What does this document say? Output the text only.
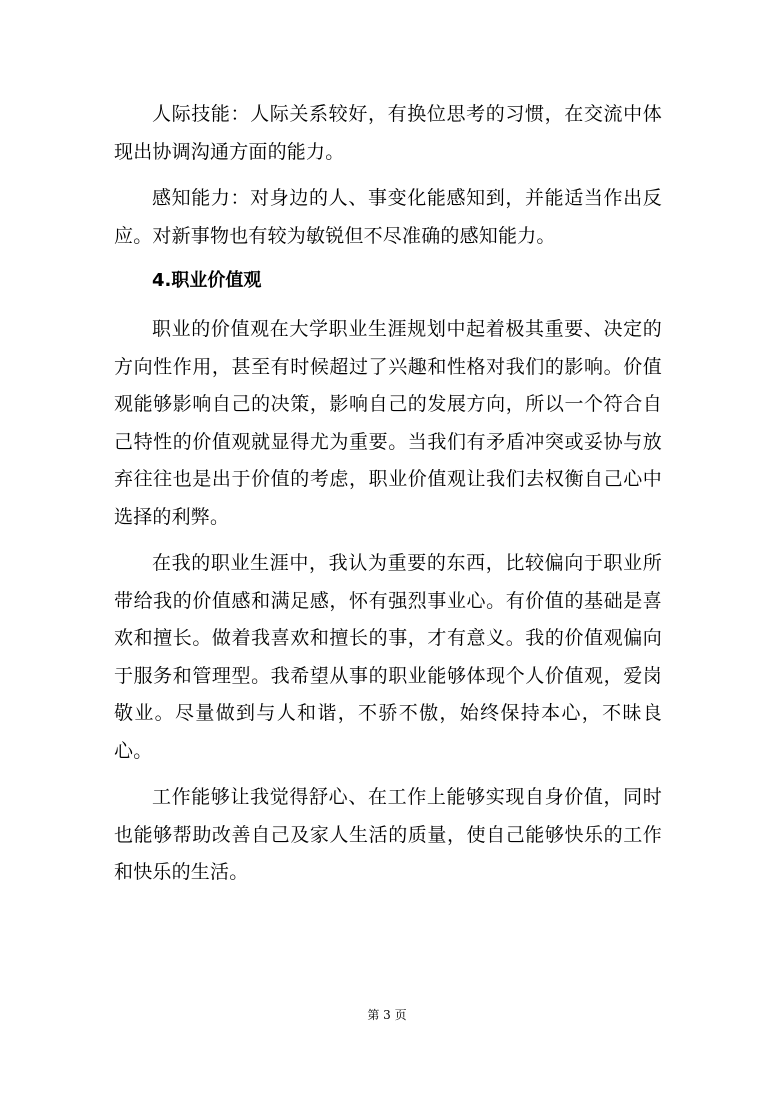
人际技能：人际关系较好，有换位思考的习惯，在交流中体现出协调沟通方面的能力。

感知能力：对身边的人、事变化能感知到，并能适当作出反应。对新事物也有较为敏锐但不尽准确的感知能力。

4.职业价值观

职业的价值观在大学职业生涯规划中起着极其重要、决定的方向性作用，甚至有时候超过了兴趣和性格对我们的影响。价值观能够影响自己的决策，影响自己的发展方向，所以一个符合自己特性的价值观就显得尤为重要。当我们有矛盾冲突或妥协与放弃往往也是出于价值的考虑，职业价值观让我们去权衡自己心中选择的利弊。

在我的职业生涯中，我认为重要的东西，比较偏向于职业所带给我的价值感和满足感，怀有强烈事业心。有价值的基础是喜欢和擅长。做着我喜欢和擅长的事，才有意义。我的价值观偏向于服务和管理型。我希望从事的职业能够体现个人价值观，爱岗敬业。尽量做到与人和谐，不骄不傲，始终保持本心，不昧良心。

工作能够让我觉得舒心、在工作上能够实现自身价值，同时也能够帮助改善自己及家人生活的质量，使自己能够快乐的工作和快乐的生活。

第 3 页
